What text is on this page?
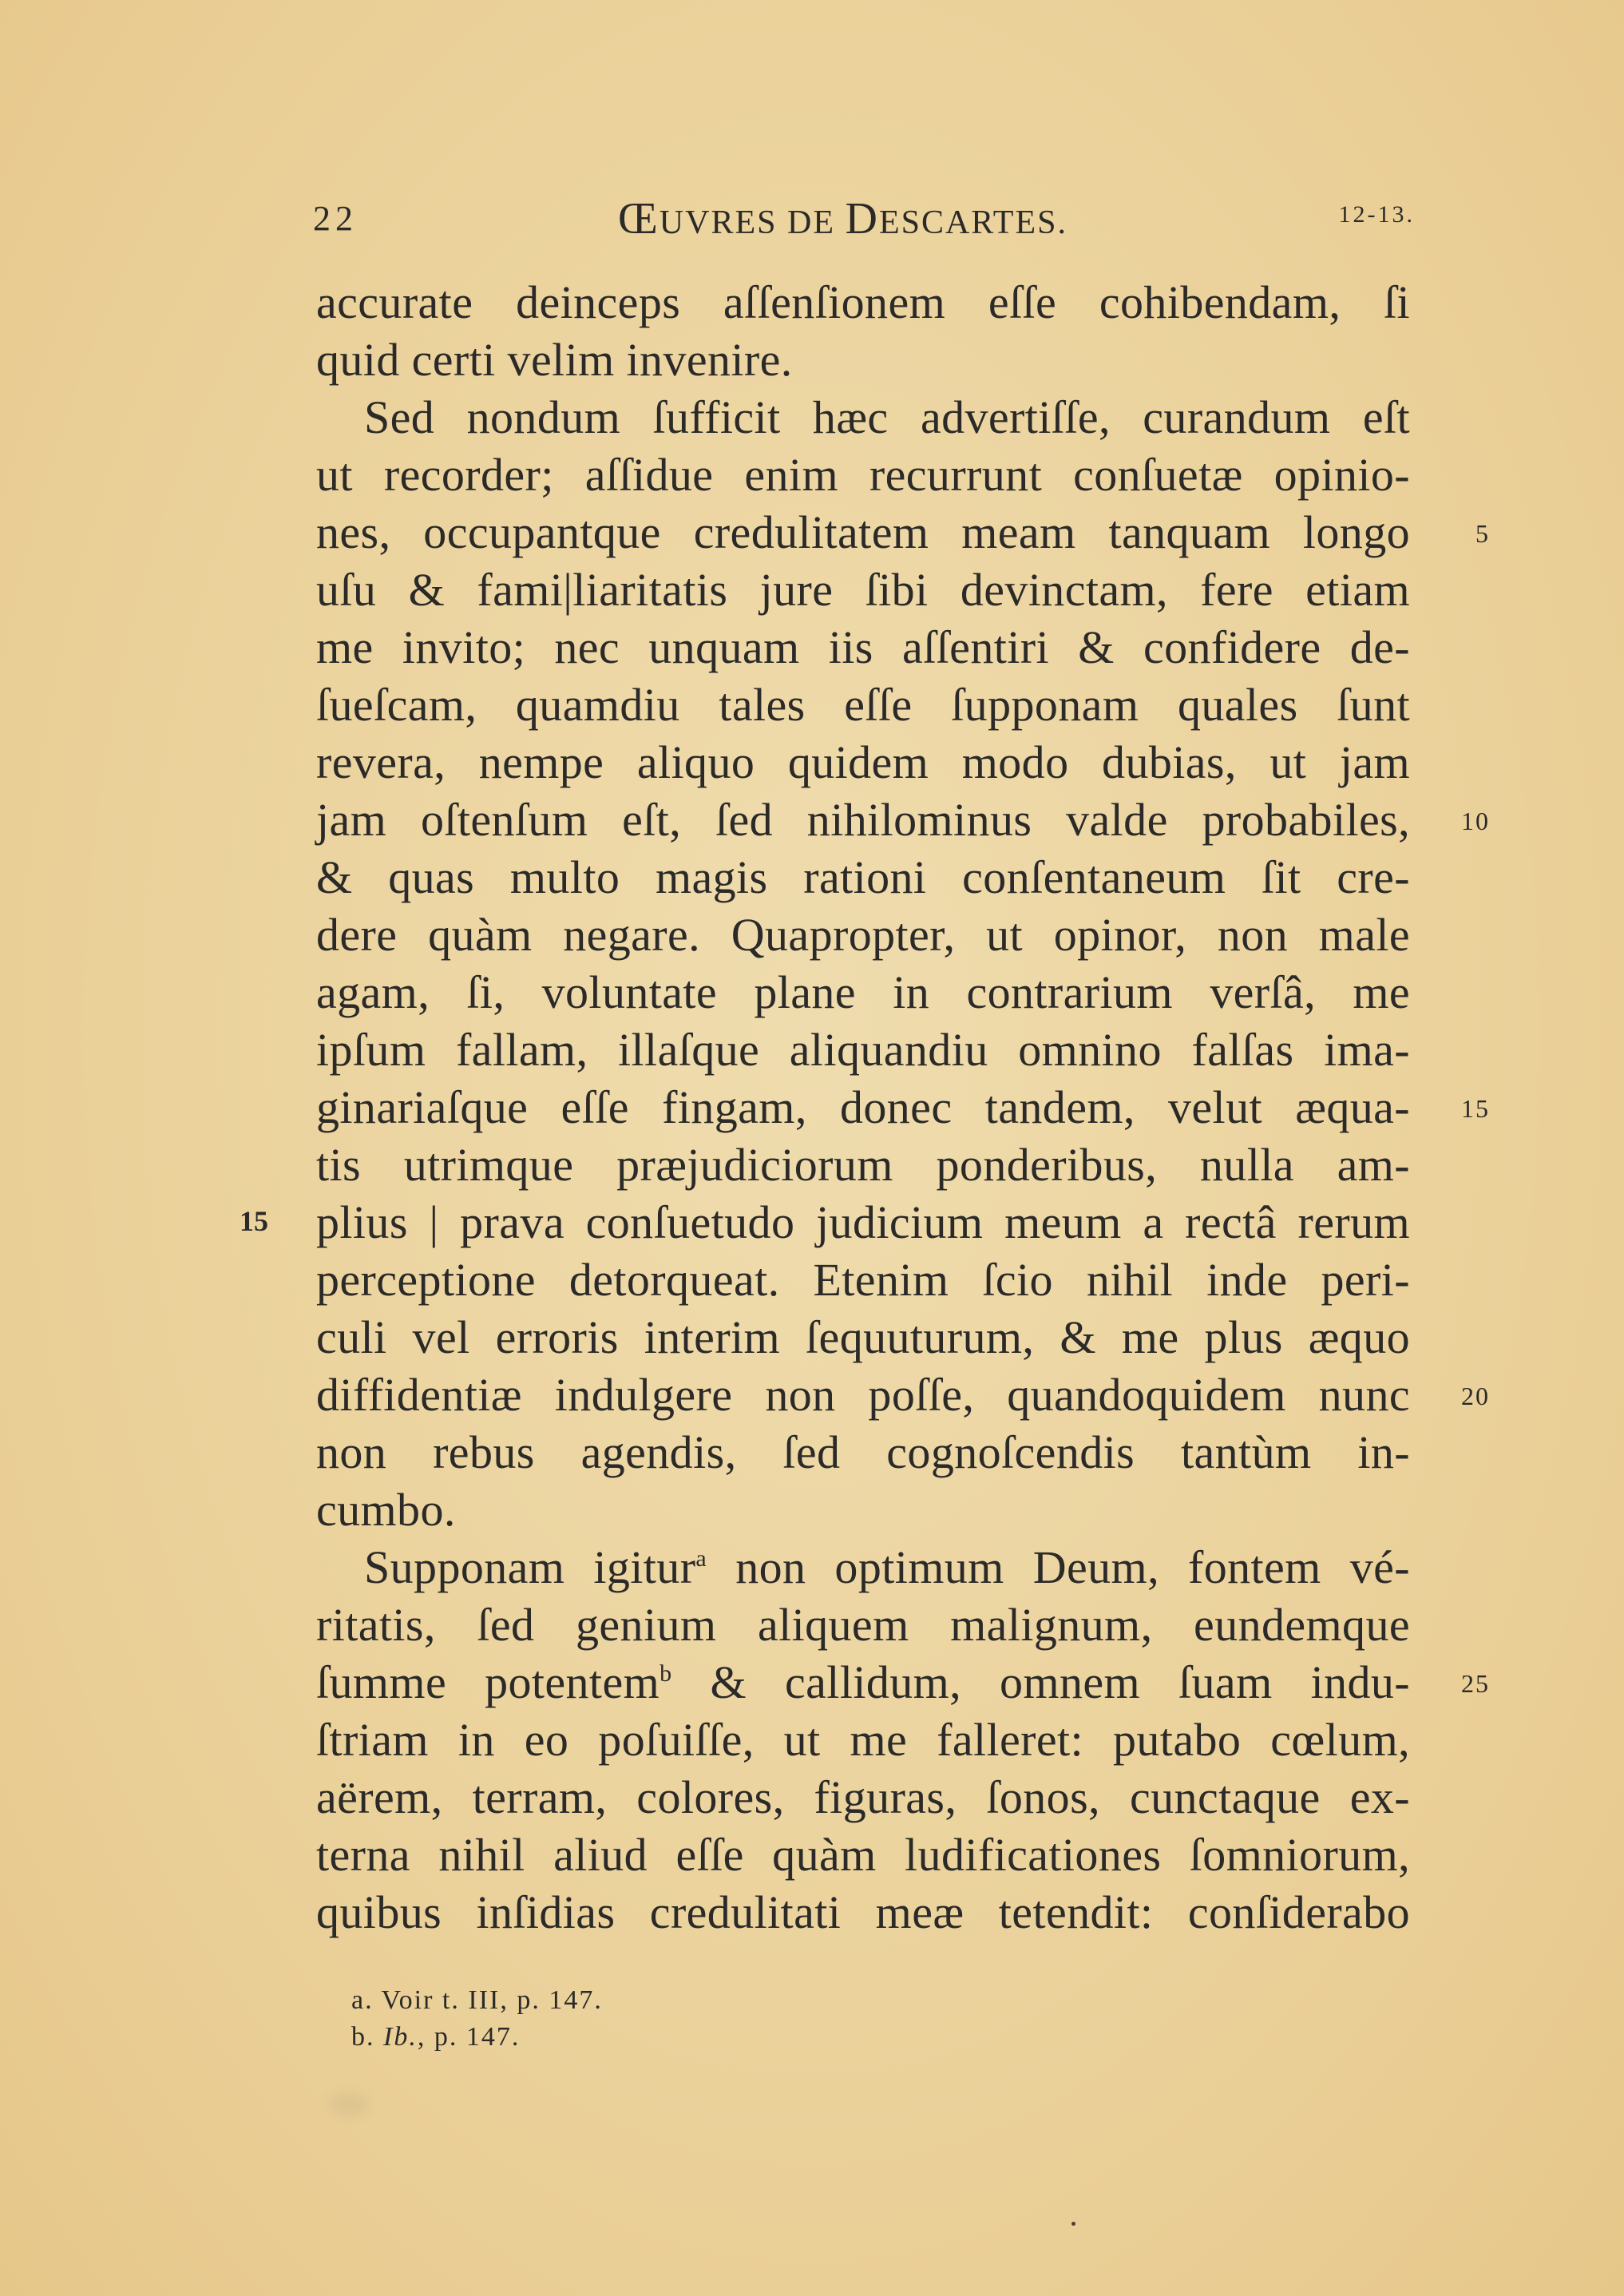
22	ŒUVRES DE DESCARTES.	12-13.
accurate deinceps aſſenſionem eſſe cohibendam, ſi
quid certi velim invenire.
Sed nondum ſufficit hæc advertiſſe, curandum eſt
ut recorder; aſſidue enim recurrunt conſuetæ opinio-
nes, occupantque credulitatem meam tanquam longo
uſu & fami|liaritatis jure ſibi devinctam, fere etiam
me invito; nec unquam iis aſſentiri & confidere de-
ſueſcam, quamdiu tales eſſe ſupponam quales ſunt
revera, nempe aliquo quidem modo dubias, ut jam
jam oſtenſum eſt, ſed nihilominus valde probabiles,
& quas multo magis rationi conſentaneum ſit cre-
dere quàm negare. Quapropter, ut opinor, non male
agam, ſi, voluntate plane in contrarium verſâ, me
ipſum fallam, illaſque aliquandiu omnino falſas ima-
ginariaſque eſſe fingam, donec tandem, velut æqua-
tis utrimque præjudiciorum ponderibus, nulla am-
plius | prava conſuetudo judicium meum a rectâ rerum
perceptione detorqueat. Etenim ſcio nihil inde peri-
culi vel erroris interim ſequuturum, & me plus æquo
diffidentiæ indulgere non poſſe, quandoquidem nunc
non rebus agendis, ſed cognoſcendis tantùm in-
cumbo.
Supponam igitur$^a$ non optimum Deum, fontem vé-
ritatis, ſed genium aliquem malignum, eundemque
ſumme potentem$^b$ & callidum, omnem ſuam indu-
ſtriam in eo poſuiſſe, ut me falleret: putabo cœlum,
aërem, terram, colores, figuras, ſonos, cunctaque ex-
terna nihil aliud eſſe quàm ludificationes ſomniorum,
quibus inſidias credulitati meæ tetendit: conſiderabo
5
10
15
20
25
15
a. Voir t. III, p. 147.
b. Ib., p. 147.
